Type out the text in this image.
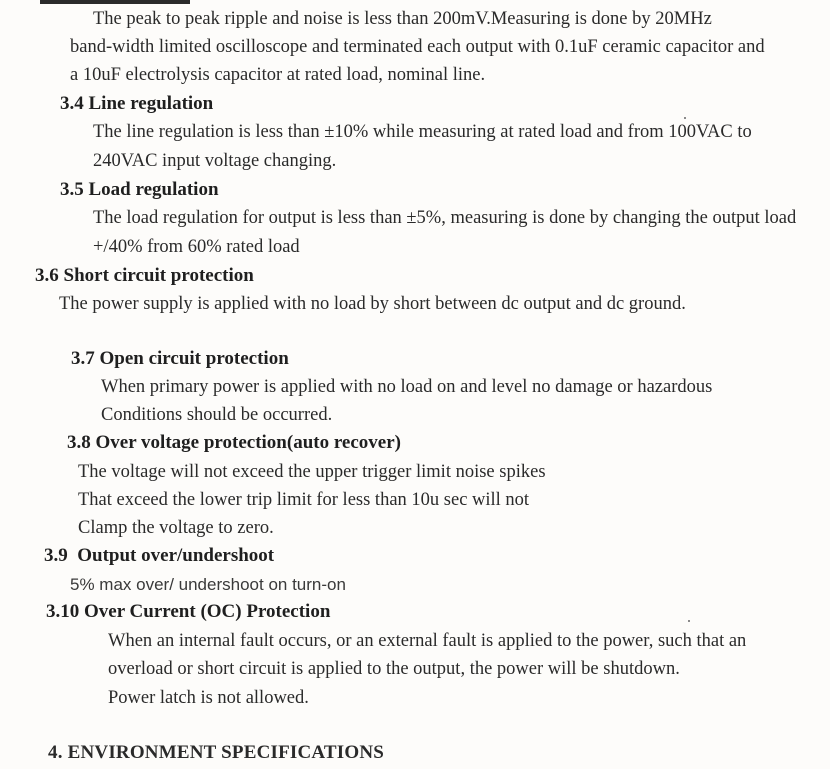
The peak to peak ripple and noise is less than 200mV.Measuring is done by 20MHz
band-width limited oscilloscope and terminated each output with 0.1uF ceramic capacitor and
a 10uF electrolysis capacitor at rated load, nominal line.
3.4 Line regulation
The line regulation is less than ±10% while measuring at rated load and from 100VAC to
240VAC input voltage changing.
3.5 Load regulation
The load regulation for output is less than ±5%, measuring is done by changing the output load
+/40% from 60% rated load
3.6 Short circuit protection
The power supply is applied with no load by short between dc output and dc ground.
3.7 Open circuit protection
When primary power is applied with no load on and level no damage or hazardous
Conditions should be occurred.
3.8 Over voltage protection(auto recover)
The voltage will not exceed the upper trigger limit noise spikes
That exceed the lower trip limit for less than 10u sec will not
Clamp the voltage to zero.
3.9  Output over/undershoot
5% max over/ undershoot on turn-on
3.10 Over Current (OC) Protection
When an internal fault occurs, or an external fault is applied to the power, such that an
overload or short circuit is applied to the output, the power will be shutdown.
Power latch is not allowed.
4. ENVIRONMENT SPECIFICATIONS
